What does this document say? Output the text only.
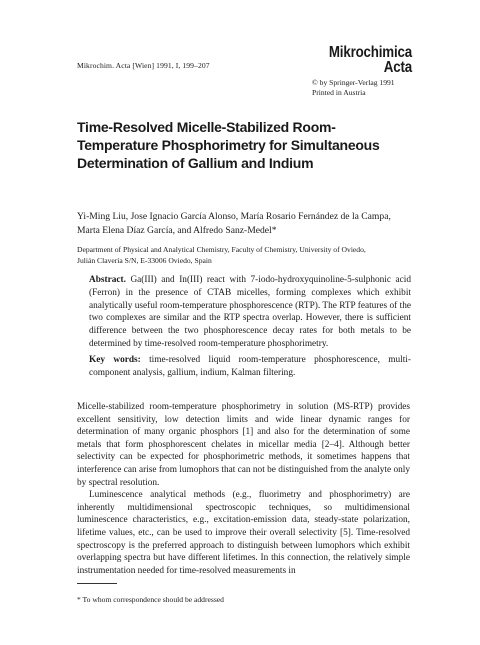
Mikrochim. Acta [Wien] 1991, I, 199–207
Mikrochimica
Acta
© by Springer-Verlag 1991
Printed in Austria
Time-Resolved Micelle-Stabilized Room-Temperature Phosphorimetry for Simultaneous Determination of Gallium and Indium
Yi-Ming Liu, Jose Ignacio García Alonso, María Rosario Fernández de la Campa,
Marta Elena Díaz García, and Alfredo Sanz-Medel*
Department of Physical and Analytical Chemistry, Faculty of Chemistry, University of Oviedo,
Julián Clavería S/N, E-33006 Oviedo, Spain

Abstract. Ga(III) and In(III) react with 7-iodo-hydroxyquinoline-5-sulphonic acid (Ferron) in the presence of CTAB micelles, forming complexes which exhibit analytically useful room-temperature phosphorescence (RTP). The RTP features of the two complexes are similar and the RTP spectra overlap. However, there is sufficient difference between the two phosphorescence decay rates for both metals to be determined by time-resolved room-temperature phosphorimetry.

Key words: time-resolved liquid room-temperature phosphorescence, multi-component analysis, gallium, indium, Kalman filtering.

Micelle-stabilized room-temperature phosphorimetry in solution (MS-RTP) provides excellent sensitivity, low detection limits and wide linear dynamic ranges for determination of many organic phosphors [1] and also for the determination of some metals that form phosphorescent chelates in micellar media [2–4]. Although better selectivity can be expected for phosphorimetric methods, it sometimes happens that interference can arise from lumophors that can not be distinguished from the analyte only by spectral resolution.

Luminescence analytical methods (e.g., fluorimetry and phosphorimetry) are inherently multidimensional spectroscopic techniques, so multidimensional luminescence characteristics, e.g., excitation-emission data, steady-state polarization, lifetime values, etc., can be used to improve their overall selectivity [5]. Time-resolved spectroscopy is the preferred approach to distinguish between lumophors which exhibit overlapping spectra but have different lifetimes. In this connection, the relatively simple instrumentation needed for time-resolved measurements in

* To whom correspondence should be addressed
